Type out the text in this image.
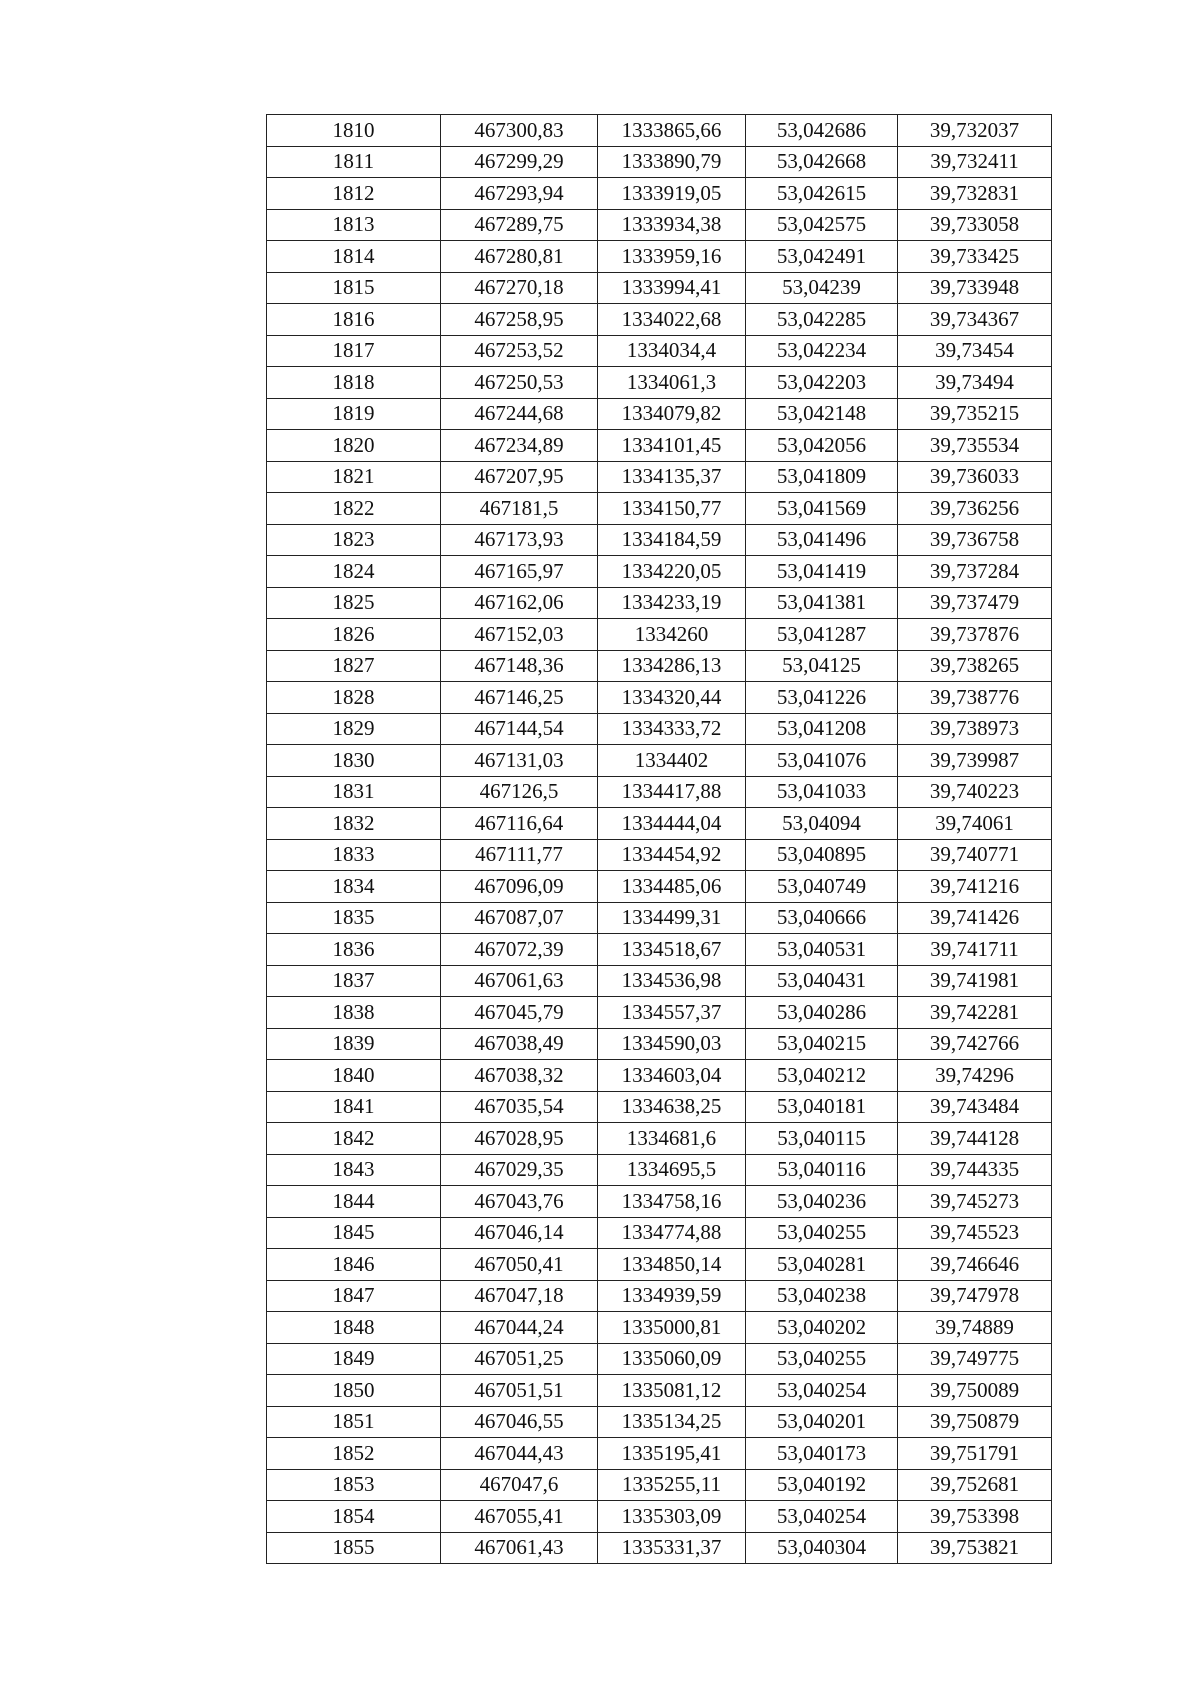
1810	467300,83	1333865,66	53,042686	39,732037
1811	467299,29	1333890,79	53,042668	39,732411
1812	467293,94	1333919,05	53,042615	39,732831
1813	467289,75	1333934,38	53,042575	39,733058
1814	467280,81	1333959,16	53,042491	39,733425
1815	467270,18	1333994,41	53,04239	39,733948
1816	467258,95	1334022,68	53,042285	39,734367
1817	467253,52	1334034,4	53,042234	39,73454
1818	467250,53	1334061,3	53,042203	39,73494
1819	467244,68	1334079,82	53,042148	39,735215
1820	467234,89	1334101,45	53,042056	39,735534
1821	467207,95	1334135,37	53,041809	39,736033
1822	467181,5	1334150,77	53,041569	39,736256
1823	467173,93	1334184,59	53,041496	39,736758
1824	467165,97	1334220,05	53,041419	39,737284
1825	467162,06	1334233,19	53,041381	39,737479
1826	467152,03	1334260	53,041287	39,737876
1827	467148,36	1334286,13	53,04125	39,738265
1828	467146,25	1334320,44	53,041226	39,738776
1829	467144,54	1334333,72	53,041208	39,738973
1830	467131,03	1334402	53,041076	39,739987
1831	467126,5	1334417,88	53,041033	39,740223
1832	467116,64	1334444,04	53,04094	39,74061
1833	467111,77	1334454,92	53,040895	39,740771
1834	467096,09	1334485,06	53,040749	39,741216
1835	467087,07	1334499,31	53,040666	39,741426
1836	467072,39	1334518,67	53,040531	39,741711
1837	467061,63	1334536,98	53,040431	39,741981
1838	467045,79	1334557,37	53,040286	39,742281
1839	467038,49	1334590,03	53,040215	39,742766
1840	467038,32	1334603,04	53,040212	39,74296
1841	467035,54	1334638,25	53,040181	39,743484
1842	467028,95	1334681,6	53,040115	39,744128
1843	467029,35	1334695,5	53,040116	39,744335
1844	467043,76	1334758,16	53,040236	39,745273
1845	467046,14	1334774,88	53,040255	39,745523
1846	467050,41	1334850,14	53,040281	39,746646
1847	467047,18	1334939,59	53,040238	39,747978
1848	467044,24	1335000,81	53,040202	39,74889
1849	467051,25	1335060,09	53,040255	39,749775
1850	467051,51	1335081,12	53,040254	39,750089
1851	467046,55	1335134,25	53,040201	39,750879
1852	467044,43	1335195,41	53,040173	39,751791
1853	467047,6	1335255,11	53,040192	39,752681
1854	467055,41	1335303,09	53,040254	39,753398
1855	467061,43	1335331,37	53,040304	39,753821
